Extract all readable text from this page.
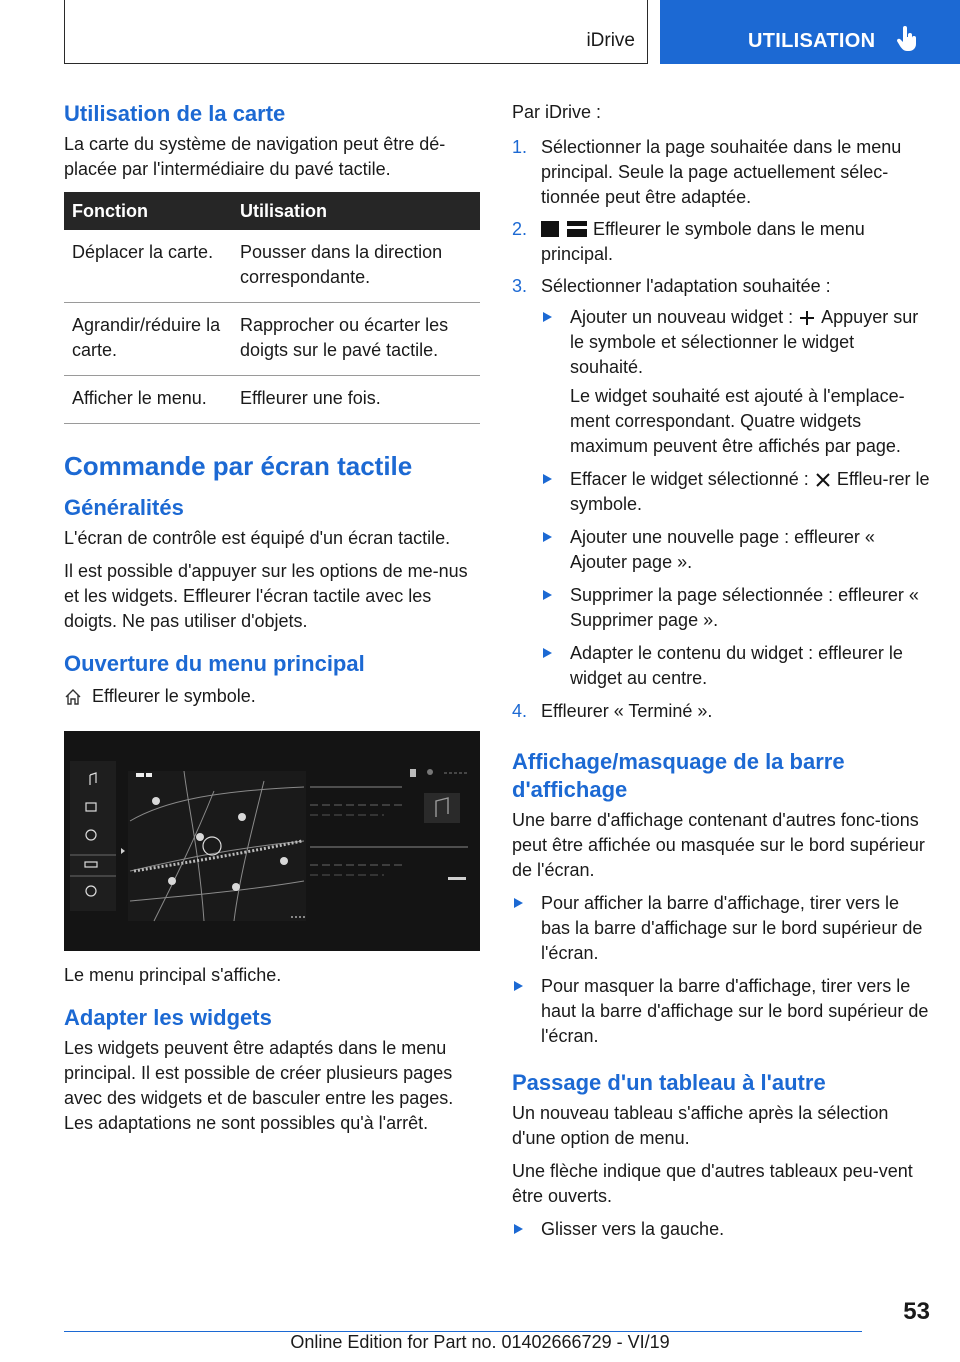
iDrive	UTILISATION
Utilisation de la carte

La carte du système de navigation peut être dé-placée par l'intermédiaire du pavé tactile.

Fonction	Utilisation
Déplacer la carte.	Pousser dans la direction correspondante.
Agrandir/réduire la carte.	Rapprocher ou écarter les doigts sur le pavé tactile.
Afficher le menu.	Effleurer une fois.
Commande par écran tactile
Généralités

L'écran de contrôle est équipé d'un écran tactile.

Il est possible d'appuyer sur les options de me-nus et les widgets. Effleurer l'écran tactile avec les doigts. Ne pas utiliser d'objets.

Ouverture du menu principal
Effleurer le symbole.

Le menu principal s'affiche.

Adapter les widgets

Les widgets peuvent être adaptés dans le menu principal. Il est possible de créer plusieurs pages avec des widgets et de basculer entre les pages. Les adaptations ne sont possibles qu'à l'arrêt.

Par iDrive :

1. Sélectionner la page souhaitée dans le menu principal. Seule la page actuellement sélec-tionnée peut être adaptée.
2.	Effleurer le symbole dans le menu principal.
3. Sélectionner l'adaptation souhaitée :
Ajouter un nouveau widget : Appuyer sur le symbole et sélectionner le widget souhaité.

Le widget souhaité est ajouté à l'emplace-ment correspondant. Quatre widgets maximum peuvent être affichés par page.

Effacer le widget sélectionné : Effleu-rer le symbole.
Ajouter une nouvelle page : effleurer « Ajouter page ».
Supprimer la page sélectionnée : effleurer « Supprimer page ».
Adapter le contenu du widget : effleurer le widget au centre.
4. Effleurer « Terminé ».
Affichage/masquage de la barre d'affichage

Une barre d'affichage contenant d'autres fonc-tions peut être affichée ou masquée sur le bord supérieur de l'écran.

Pour afficher la barre d'affichage, tirer vers le bas la barre d'affichage sur le bord supérieur de l'écran.
Pour masquer la barre d'affichage, tirer vers le haut la barre d'affichage sur le bord supérieur de l'écran.
Passage d'un tableau à l'autre

Un nouveau tableau s'affiche après la sélection d'une option de menu.

Une flèche indique que d'autres tableaux peu-vent être ouverts.

Glisser vers la gauche.
53
Online Edition for Part no. 01402666729 - VI/19
